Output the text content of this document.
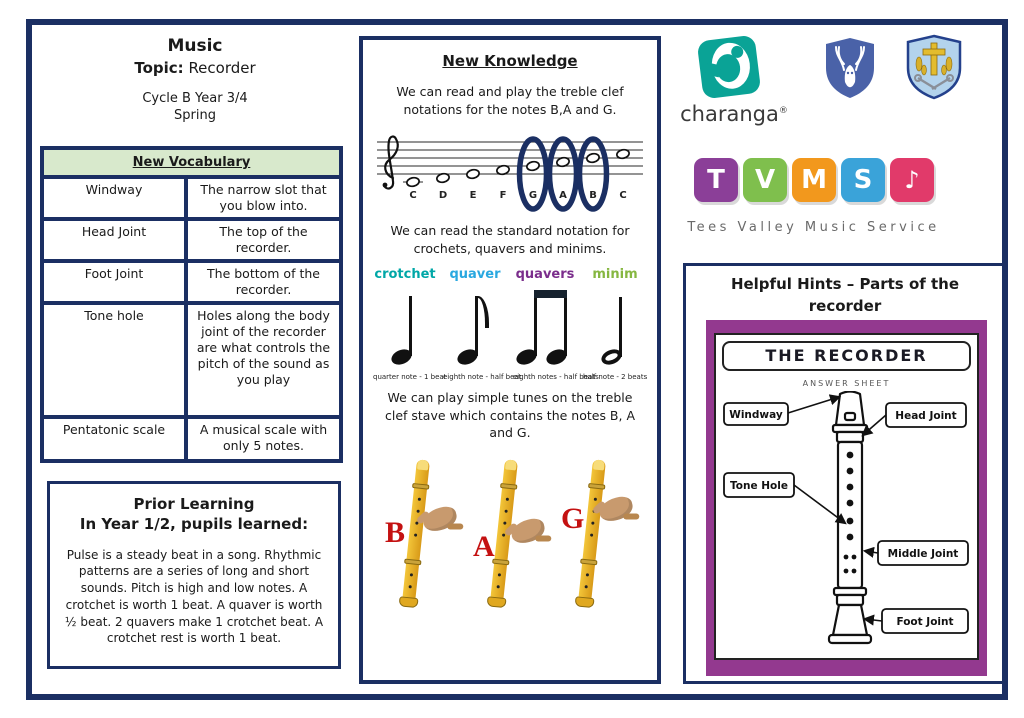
Music
Topic: Recorder
Cycle B Year 3/4
Spring
New Vocabulary
Windway	The narrow slot that you blow into.
Head Joint	The top of the recorder.
Foot Joint	The bottom of the recorder.
Tone hole	Holes along the body joint of the recorder are what controls the pitch of the sound as you play
Pentatonic scale	A musical scale with only 5 notes.
Prior Learning
In Year 1/2, pupils learned:
Pulse is a steady beat in a song. Rhythmic patterns are a series of long and short sounds. Pitch is high and low notes. A crotchet is worth 1 beat. A quaver is worth ½ beat. 2 quavers make 1 crotchet beat. A crotchet rest is worth 1 beat.
New Knowledge
We can read and play the treble clef notations for the notes B,A and G.
C D E F G A B C
We can read the standard notation for crochets, quavers and minims.
crotchet
quarter note - 1 beat
quaver
eighth note - half beat
quavers
eighth notes - half beats
minim
half note - 2 beats
We can play simple tunes on the treble clef stave which contains the notes B, A and G.
B A
G
charanga®
T	V	M	S	♪
Tees Valley Music Service
Helpful Hints – Parts of the recorder
THE RECORDER
ANSWER SHEET
Windway	Head Joint
Tone Hole
Middle Joint
Foot Joint
